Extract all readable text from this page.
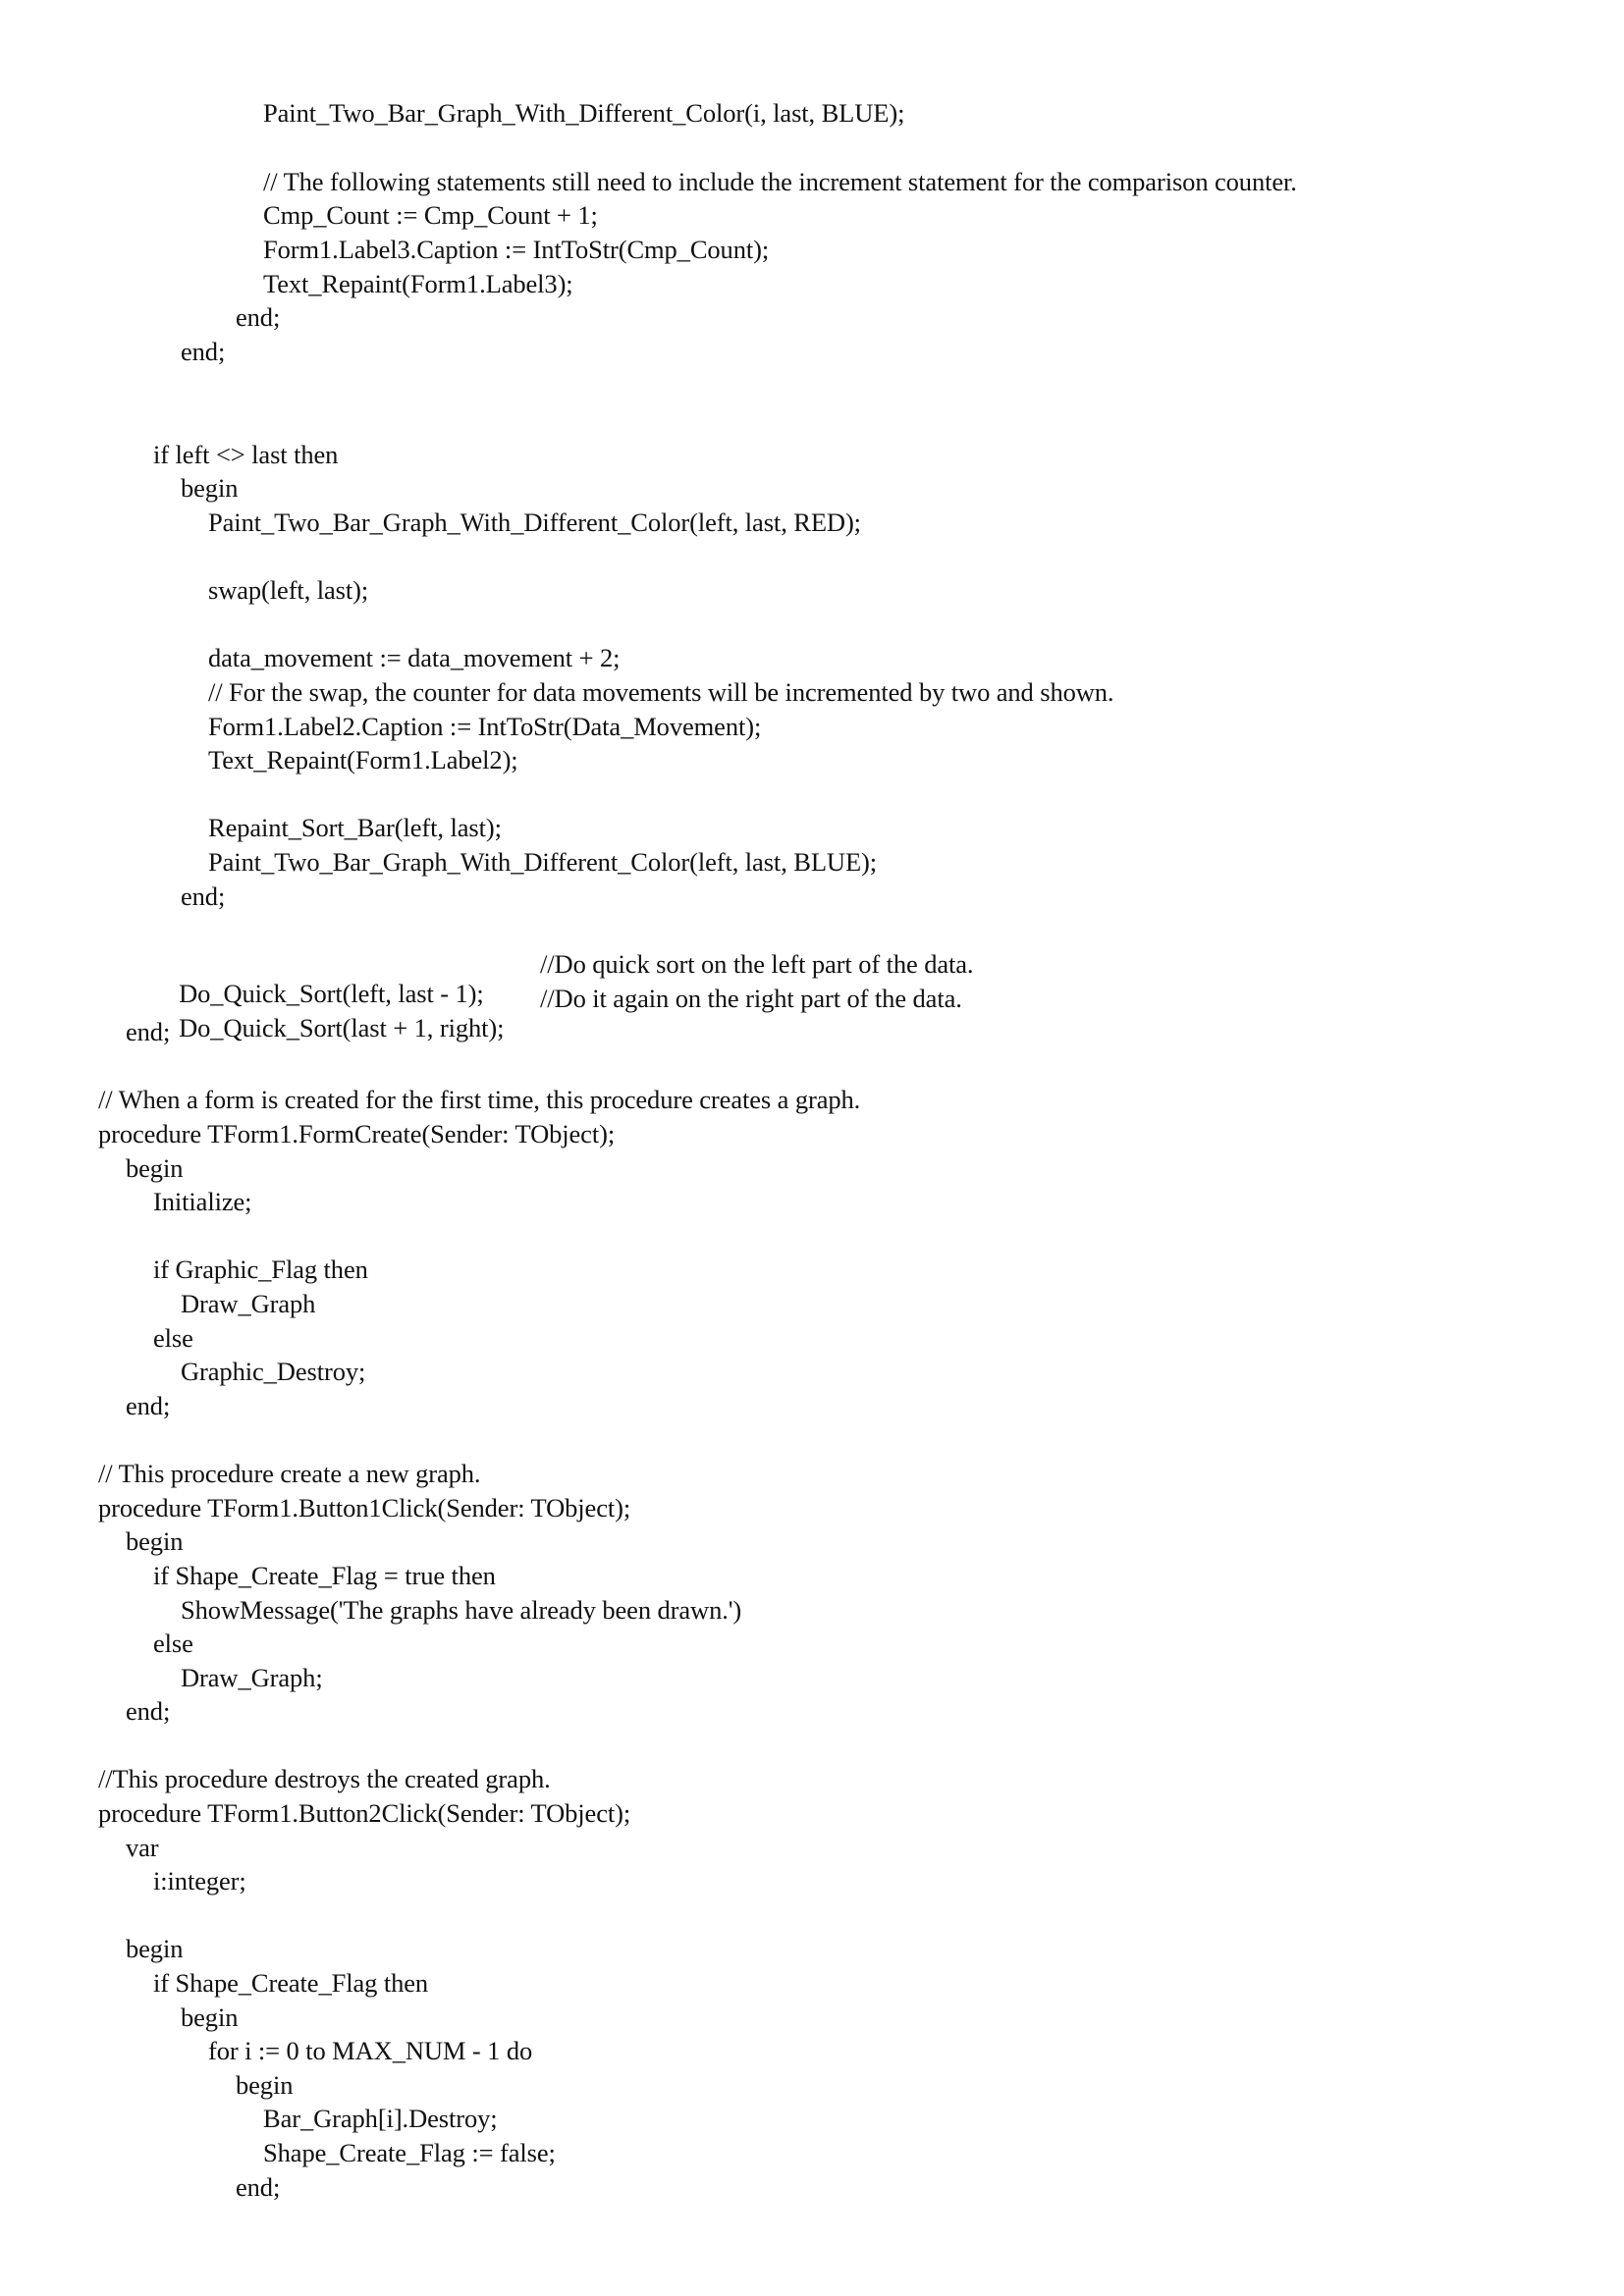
Paint_Two_Bar_Graph_With_Different_Color(i, last, BLUE);
// The following statements still need to include the increment statement for the comparison counter.
Cmp_Count := Cmp_Count + 1;
Form1.Label3.Caption := IntToStr(Cmp_Count);
Text_Repaint(Form1.Label3);
end;
end;
if left <> last then
begin
Paint_Two_Bar_Graph_With_Different_Color(left, last, RED);
swap(left, last);
data_movement := data_movement + 2;
// For the swap, the counter for data movements will be incremented by two and shown.
Form1.Label2.Caption := IntToStr(Data_Movement);
Text_Repaint(Form1.Label2);
Repaint_Sort_Bar(left, last);
Paint_Two_Bar_Graph_With_Different_Color(left, last, BLUE);
end;

Do_Quick_Sort(left, last - 1);
//Do quick sort on the left part of the data.

Do_Quick_Sort(last + 1, right);
//Do it again on the right part of the data.

end;
// When a form is created for the first time, this procedure creates a graph.
procedure TForm1.FormCreate(Sender: TObject);
begin
Initialize;
if Graphic_Flag then
Draw_Graph
else
Graphic_Destroy;
end;
// This procedure create a new graph.
procedure TForm1.Button1Click(Sender: TObject);
begin
if Shape_Create_Flag = true then
ShowMessage('The graphs have already been drawn.')
else
Draw_Graph;
end;
//This procedure destroys the created graph.
procedure TForm1.Button2Click(Sender: TObject);
var
i:integer;
begin
if Shape_Create_Flag then
begin
for i := 0 to MAX_NUM - 1 do
begin
Bar_Graph[i].Destroy;
Shape_Create_Flag := false;
end;
